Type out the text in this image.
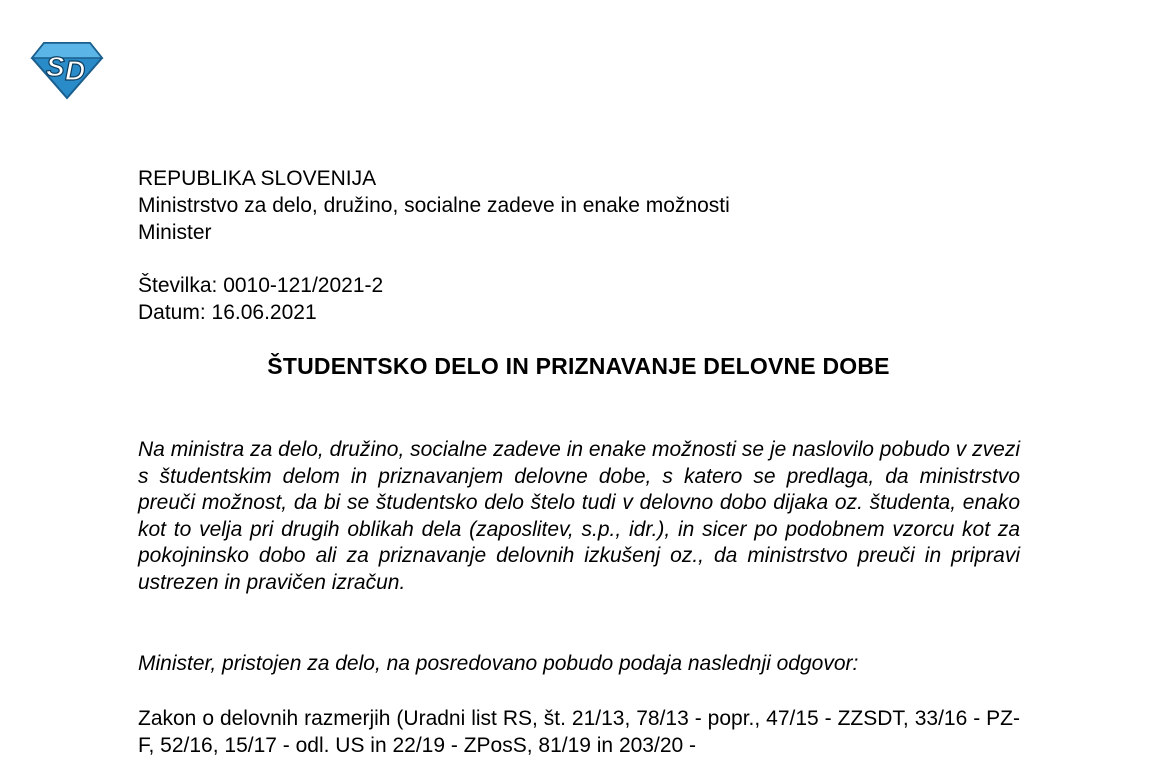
S D
REPUBLIKA SLOVENIJA
Ministrstvo za delo, družino, socialne zadeve in enake možnosti
Minister
Številka: 0010-121/2021-2
Datum: 16.06.2021
ŠTUDENTSKO DELO IN PRIZNAVANJE DELOVNE DOBE

Na ministra za delo, družino, socialne zadeve in enake možnosti se je naslovilo pobudo v zvezi s študentskim delom in priznavanjem delovne dobe, s katero se predlaga, da ministrstvo preuči možnost, da bi se študentsko delo štelo tudi v delovno dobo dijaka oz. študenta, enako kot to velja pri drugih oblikah dela (zaposlitev, s.p., idr.), in sicer po podobnem vzorcu kot za pokojninsko dobo ali za priznavanje delovnih izkušenj oz., da ministrstvo preuči in pripravi ustrezen in pravičen izračun.

Minister, pristojen za delo, na posredovano pobudo podaja naslednji odgovor:

Zakon o delovnih razmerjih (Uradni list RS, št. 21/13, 78/13 - popr., 47/15 - ZZSDT, 33/16 - PZ-F, 52/16, 15/17 - odl. US in 22/19 - ZPosS, 81/19 in 203/20 -
